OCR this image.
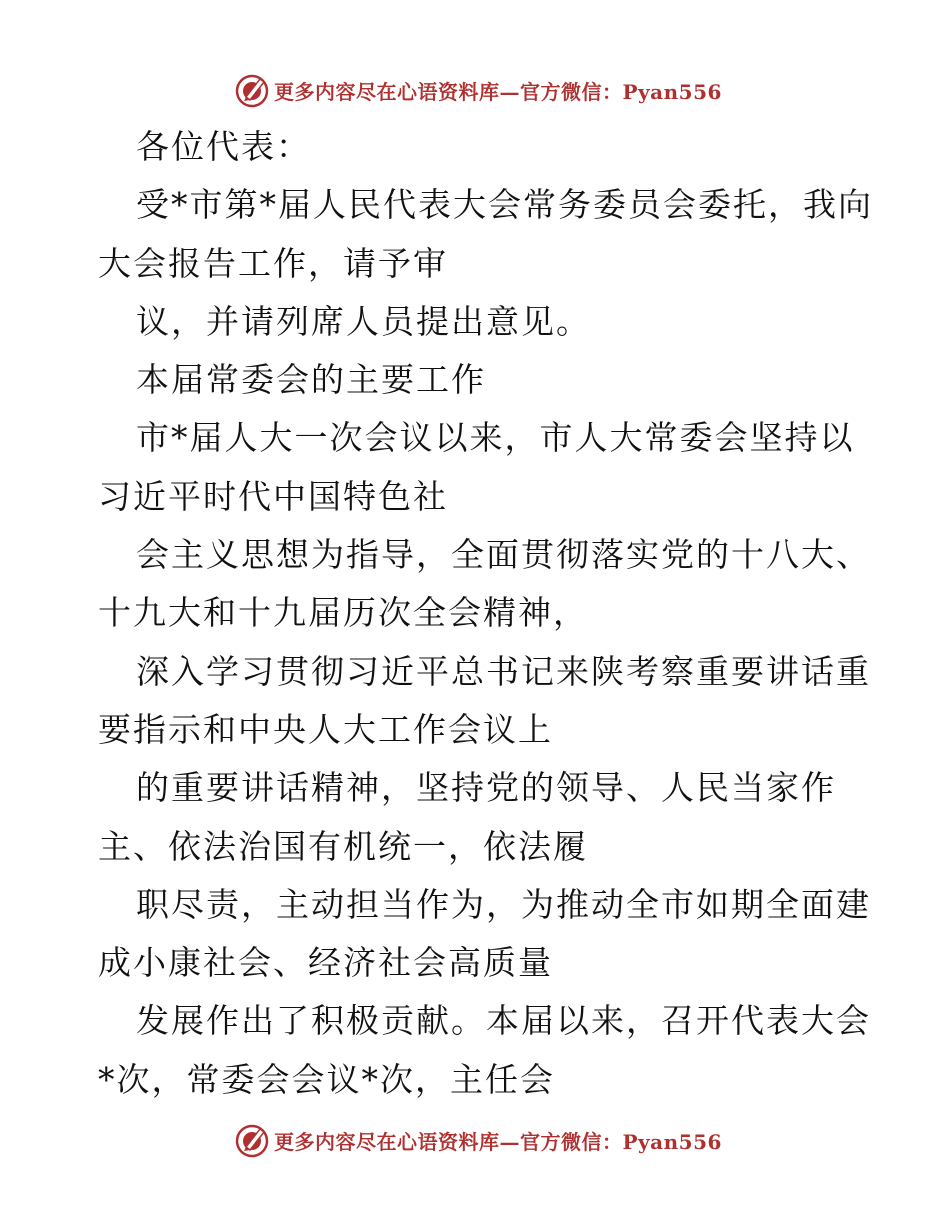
更多内容尽在心语资料库—官方微信：Pyan556
各位代表：
受*市第*届人民代表大会常务委员会委托，我向
大会报告工作，请予审
议，并请列席人员提出意见。
本届常委会的主要工作
市*届人大一次会议以来，市人大常委会坚持以
习近平时代中国特色社
会主义思想为指导，全面贯彻落实党的十八大、
十九大和十九届历次全会精神，
深入学习贯彻习近平总书记来陕考察重要讲话重
要指示和中央人大工作会议上
的重要讲话精神，坚持党的领导、人民当家作
主、依法治国有机统一，依法履
职尽责，主动担当作为，为推动全市如期全面建
成小康社会、经济社会高质量
发展作出了积极贡献。本届以来，召开代表大会
*次，常委会会议*次，主任会
更多内容尽在心语资料库—官方微信：Pyan556
